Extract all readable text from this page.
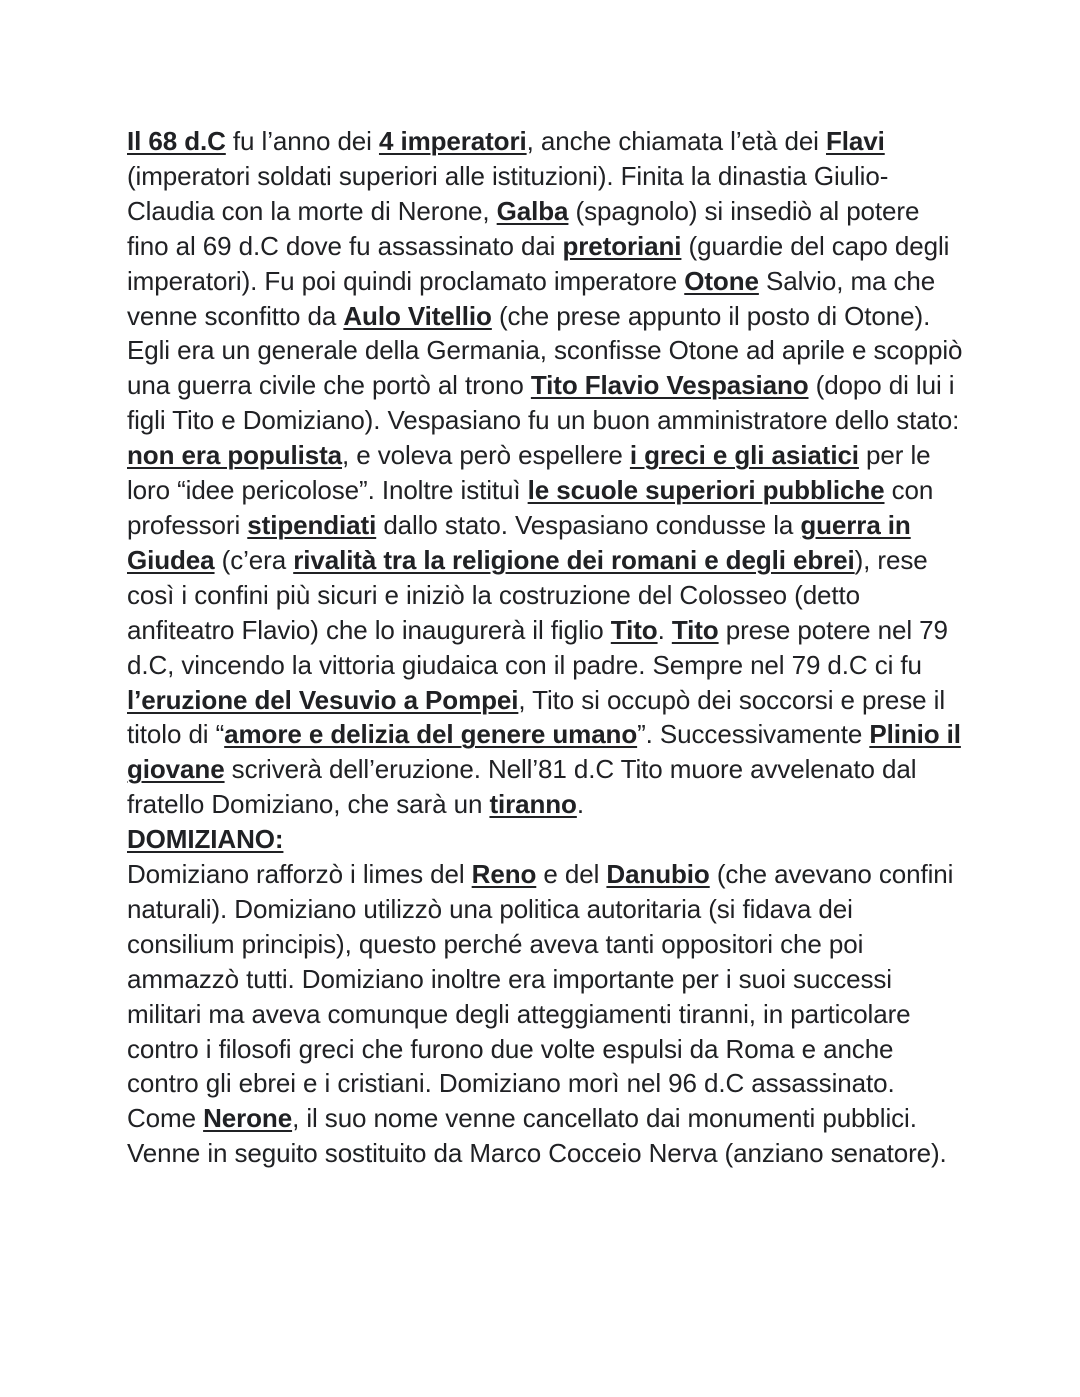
Il 68 d.C fu l’anno dei 4 imperatori, anche chiamata l’età dei Flavi (imperatori soldati superiori alle istituzioni). Finita la dinastia Giulio-Claudia con la morte di Nerone, Galba (spagnolo) si insediò al potere fino al 69 d.C dove fu assassinato dai pretoriani (guardie del capo degli imperatori). Fu poi quindi proclamato imperatore Otone Salvio, ma che venne sconfitto da Aulo Vitellio (che prese appunto il posto di Otone). Egli era un generale della Germania, sconfisse Otone ad aprile e scoppiò una guerra civile che portò al trono Tito Flavio Vespasiano (dopo di lui i figli Tito e Domiziano). Vespasiano fu un buon amministratore dello stato: non era populista, e voleva però espellere i greci e gli asiatici per le loro “idee pericolose”. Inoltre istituì le scuole superiori pubbliche con professori stipendiati dallo stato. Vespasiano condusse la guerra in Giudea (c’era rivalità tra la religione dei romani e degli ebrei), rese così i confini più sicuri e iniziò la costruzione del Colosseo (detto anfiteatro Flavio) che lo inaugurerà il figlio Tito. Tito prese potere nel 79 d.C, vincendo la vittoria giudaica con il padre. Sempre nel 79 d.C ci fu l’eruzione del Vesuvio a Pompei, Tito si occupò dei soccorsi e prese il titolo di “amore e delizia del genere umano”. Successivamente Plinio il giovane scriverà dell’eruzione. Nell’81 d.C Tito muore avvelenato dal fratello Domiziano, che sarà un tiranno.

DOMIZIANO:

Domiziano rafforzò i limes del Reno e del Danubio (che avevano confini naturali). Domiziano utilizzò una politica autoritaria (si fidava dei consilium principis), questo perché aveva tanti oppositori che poi ammazzò tutti. Domiziano inoltre era importante per i suoi successi militari ma aveva comunque degli atteggiamenti tiranni, in particolare contro i filosofi greci che furono due volte espulsi da Roma e anche contro gli ebrei e i cristiani. Domiziano morì nel 96 d.C assassinato. Come Nerone, il suo nome venne cancellato dai monumenti pubblici. Venne in seguito sostituito da Marco Cocceio Nerva (anziano senatore).
